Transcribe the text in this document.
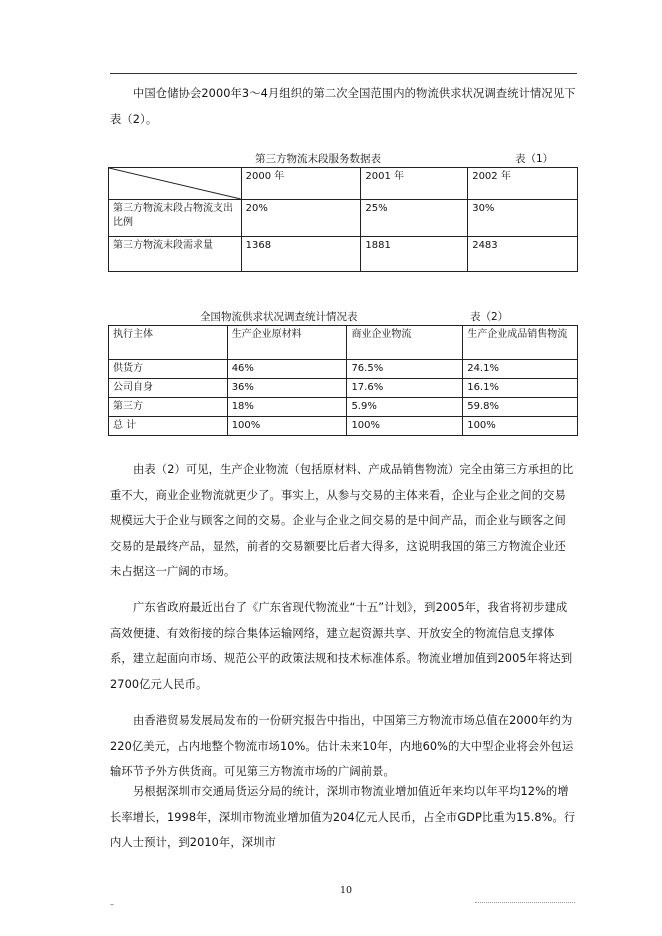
中国仓储协会2000年3～4月组织的第二次全国范围内的物流供求状况调查统计情况见下表（2）。

第三方物流末段服务数据表	表（1）
	2000 年	2001 年	2002 年
第三方物流末段占物流支出比例	20%	25%	30%
第三方物流末段需求量	1368	1881	2483
全国物流供求状况调查统计情况表	表（2）
执行主体	生产企业原材料	商业企业物流	生产企业成品销售物流
供货方	46%	76.5%	24.1%
公司自身	36%	17.6%	16.1%
第三方	18%	5.9%	59.8%
总 计	100%	100%	100%

由表（2）可见，生产企业物流（包括原材料、产成品销售物流）完全由第三方承担的比重不大，商业企业物流就更少了。事实上，从参与交易的主体来看，企业与企业之间的交易规模远大于企业与顾客之间的交易。企业与企业之间交易的是中间产品，而企业与顾客之间交易的是最终产品，显然，前者的交易额要比后者大得多，这说明我国的第三方物流企业还未占据这一广阔的市场。

广东省政府最近出台了《广东省现代物流业“十五”计划》，到2005年，我省将初步建成高效便捷、有效衔接的综合集体运输网络，建立起资源共享、开放安全的物流信息支撑体系，建立起面向市场、规范公平的政策法规和技术标准体系。物流业增加值到2005年将达到2700亿元人民币。

由香港贸易发展局发布的一份研究报告中指出，中国第三方物流市场总值在2000年约为220亿美元，占内地整个物流市场10%。估计未来10年，内地60%的大中型企业将会外包运输环节予外方供货商。可见第三方物流市场的广阔前景。

另根据深圳市交通局货运分局的统计，深圳市物流业增加值近年来均以年平均12%的增长率增长，1998年，深圳市物流业增加值为204亿元人民币，占全市GDP比重为15.8%。行内人士预计，到2010年，深圳市

10
–
